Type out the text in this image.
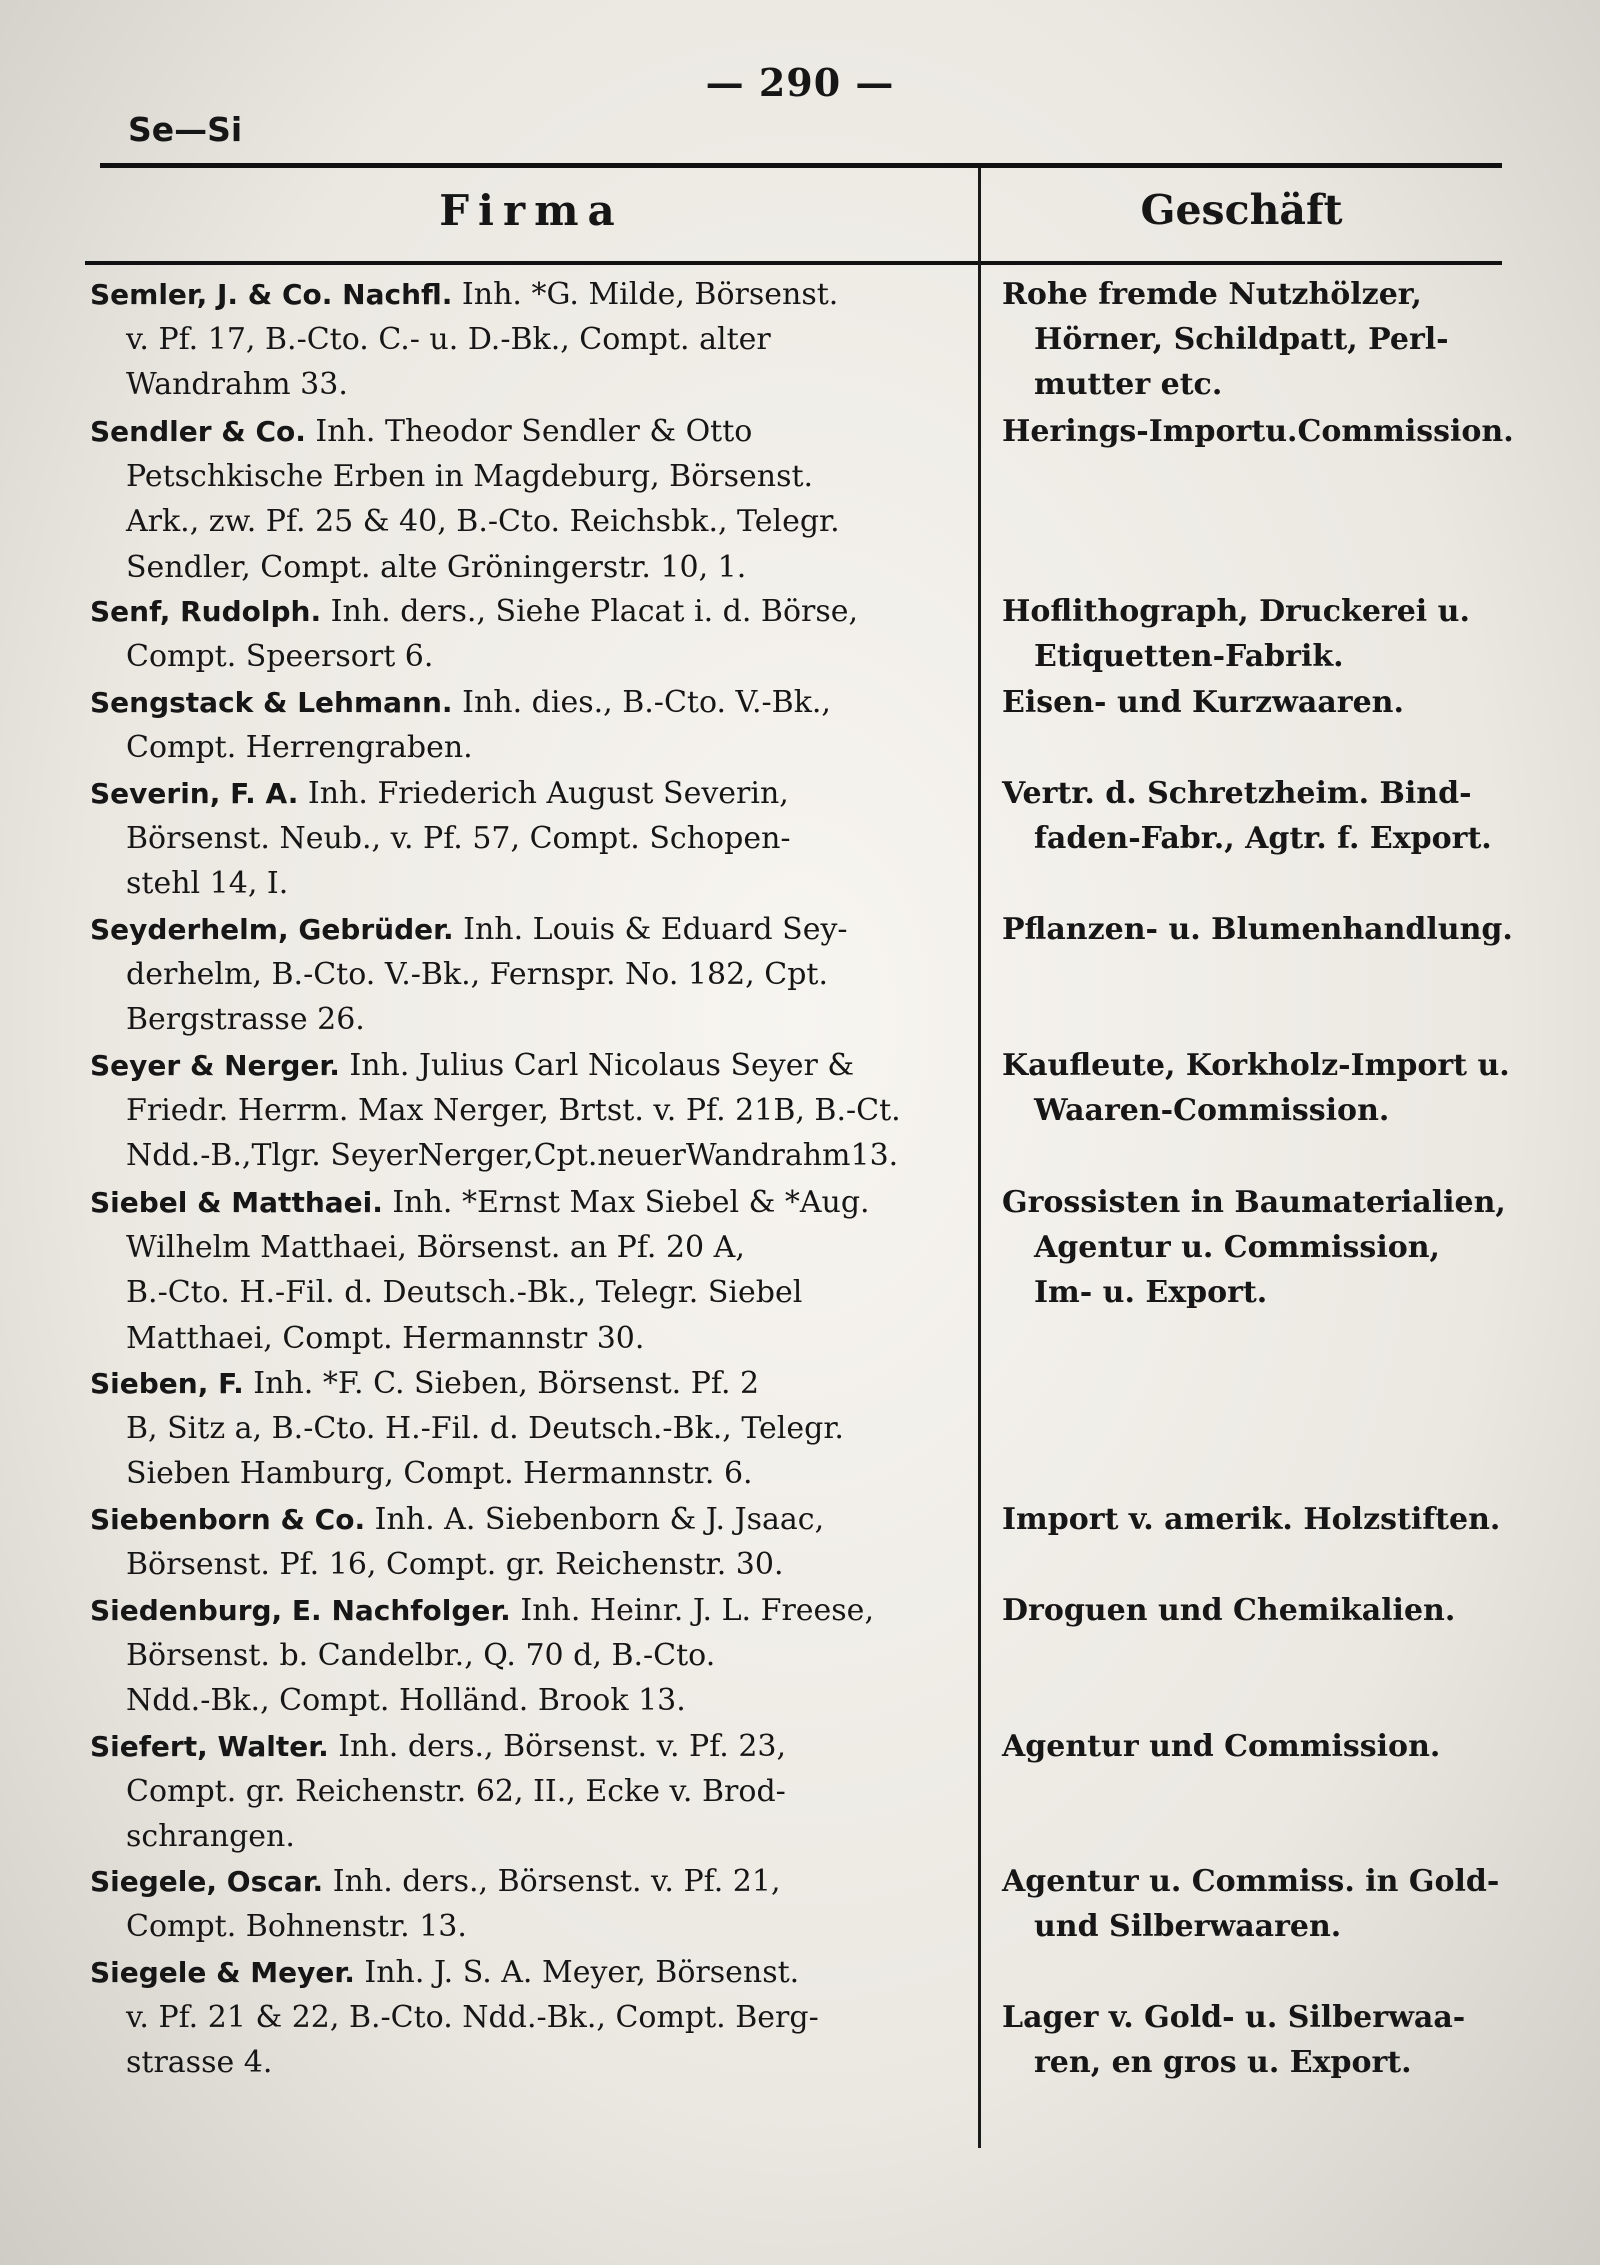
— 290 —
Se—Si
Firma	Geschäft
Semler, J. & Co. Nachfl. Inh. *G. Milde, Börsenst.
v. Pf. 17, B.-Cto. C.- u. D.-Bk., Compt. alter
Wandrahm 33.
Rohe fremde Nutzhölzer,
Hörner, Schildpatt, Perl-
mutter etc.
Sendler & Co. Inh. Theodor Sendler & Otto
Petschkische Erben in Magdeburg, Börsenst.
Ark., zw. Pf. 25 & 40, B.-Cto. Reichsbk., Telegr.
Sendler, Compt. alte Gröningerstr. 10, 1.
Herings-Importu.Commission.
Senf, Rudolph. Inh. ders., Siehe Placat i. d. Börse,
Compt. Speersort 6.
Hoflithograph, Druckerei u.
Etiquetten-Fabrik.
Sengstack & Lehmann. Inh. dies., B.-Cto. V.-Bk.,
Compt. Herrengraben.
Eisen- und Kurzwaaren.
Severin, F. A. Inh. Friederich August Severin,
Börsenst. Neub., v. Pf. 57, Compt. Schopen-
stehl 14, I.
Vertr. d. Schretzheim. Bind-
faden-Fabr., Agtr. f. Export.
Seyderhelm, Gebrüder. Inh. Louis & Eduard Sey-
derhelm, B.-Cto. V.-Bk., Fernspr. No. 182, Cpt.
Bergstrasse 26.
Pflanzen- u. Blumenhandlung.
Seyer & Nerger. Inh. Julius Carl Nicolaus Seyer &
Friedr. Herrm. Max Nerger, Brtst. v. Pf. 21B, B.-Ct.
Ndd.-B.,Tlgr. SeyerNerger,Cpt.neuerWandrahm13.
Kaufleute, Korkholz-Import u.
Waaren-Commission.
Siebel & Matthaei. Inh. *Ernst Max Siebel & *Aug.
Wilhelm Matthaei, Börsenst. an Pf. 20 A,
B.-Cto. H.-Fil. d. Deutsch.-Bk., Telegr. Siebel
Matthaei, Compt. Hermannstr 30.
Grossisten in Baumaterialien,
Agentur u. Commission,
Im- u. Export.
Sieben, F. Inh. *F. C. Sieben, Börsenst. Pf. 2
B, Sitz a, B.-Cto. H.-Fil. d. Deutsch.-Bk., Telegr.
Sieben Hamburg, Compt. Hermannstr. 6.
Siebenborn & Co. Inh. A. Siebenborn & J. Jsaac,
Börsenst. Pf. 16, Compt. gr. Reichenstr. 30.
Import v. amerik. Holzstiften.
Siedenburg, E. Nachfolger. Inh. Heinr. J. L. Freese,
Börsenst. b. Candelbr., Q. 70 d, B.-Cto.
Ndd.-Bk., Compt. Holländ. Brook 13.
Droguen und Chemikalien.
Siefert, Walter. Inh. ders., Börsenst. v. Pf. 23,
Compt. gr. Reichenstr. 62, II., Ecke v. Brod-
schrangen.
Agentur und Commission.
Siegele, Oscar. Inh. ders., Börsenst. v. Pf. 21,
Compt. Bohnenstr. 13.
Agentur u. Commiss. in Gold-
und Silberwaaren.
Siegele & Meyer. Inh. J. S. A. Meyer, Börsenst.
v. Pf. 21 & 22, B.-Cto. Ndd.-Bk., Compt. Berg-
strasse 4.

Lager v. Gold- u. Silberwaa-
ren, en gros u. Export.
